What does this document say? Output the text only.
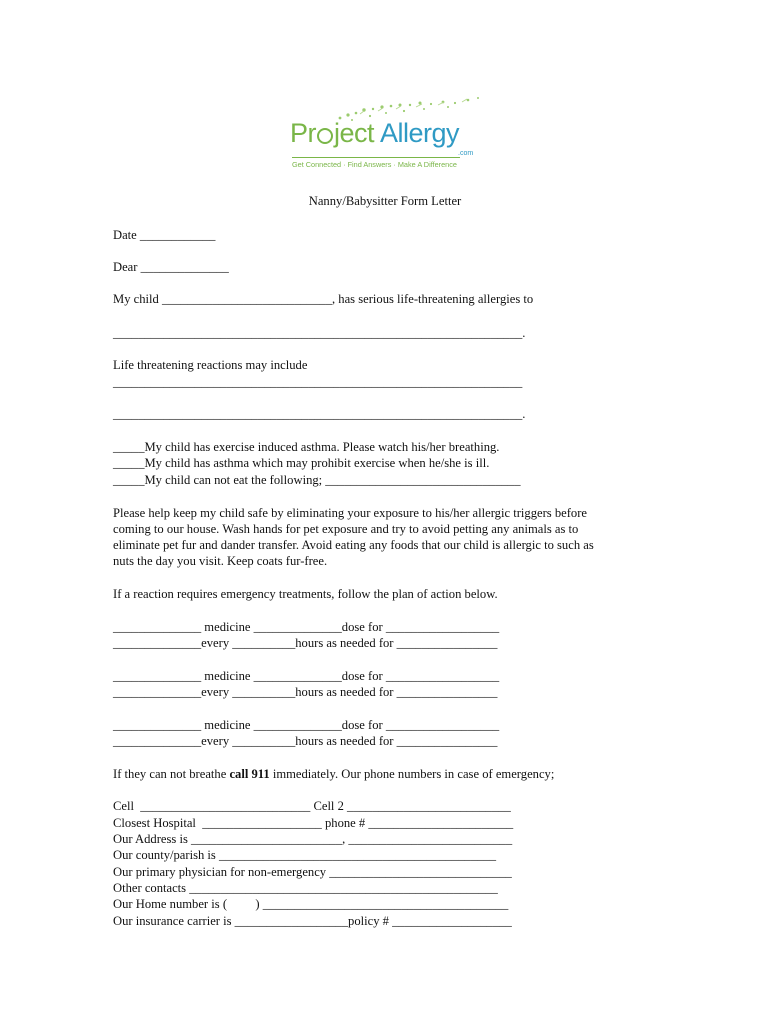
Pr ject Allergy
.com
Get Connected · Find Answers · Make A Difference
Nanny/Babysitter Form Letter
Date ____________
Dear ______________
My child ___________________________, has serious life-threatening allergies to
_________________________________________________________________.
Life threatening reactions may include
_________________________________________________________________
_________________________________________________________________.
_____My child has exercise induced asthma. Please watch his/her breathing.
_____My child has asthma which may prohibit exercise when he/she is ill.
_____My child can not eat the following; _______________________________
Please help keep my child safe by eliminating your exposure to his/her allergic triggers before
coming to our house. Wash hands for pet exposure and try to avoid petting any animals as to
eliminate pet fur and dander transfer. Avoid eating any foods that our child is allergic to such as
nuts the day you visit. Keep coats fur-free.
If a reaction requires emergency treatments, follow the plan of action below.
______________ medicine ______________dose for __________________
______________every __________hours as needed for ________________
______________ medicine ______________dose for __________________
______________every __________hours as needed for ________________
______________ medicine ______________dose for __________________
______________every __________hours as needed for ________________
If they can not breathe call 911 immediately. Our phone numbers in case of emergency;
Cell  ___________________________ Cell 2 __________________________
Closest Hospital  ___________________ phone # _______________________
Our Address is ________________________, __________________________
Our county/parish is ____________________________________________
Our primary physician for non-emergency _____________________________
Other contacts _________________________________________________
Our Home number is (         ) _______________________________________
Our insurance carrier is __________________policy # ___________________
